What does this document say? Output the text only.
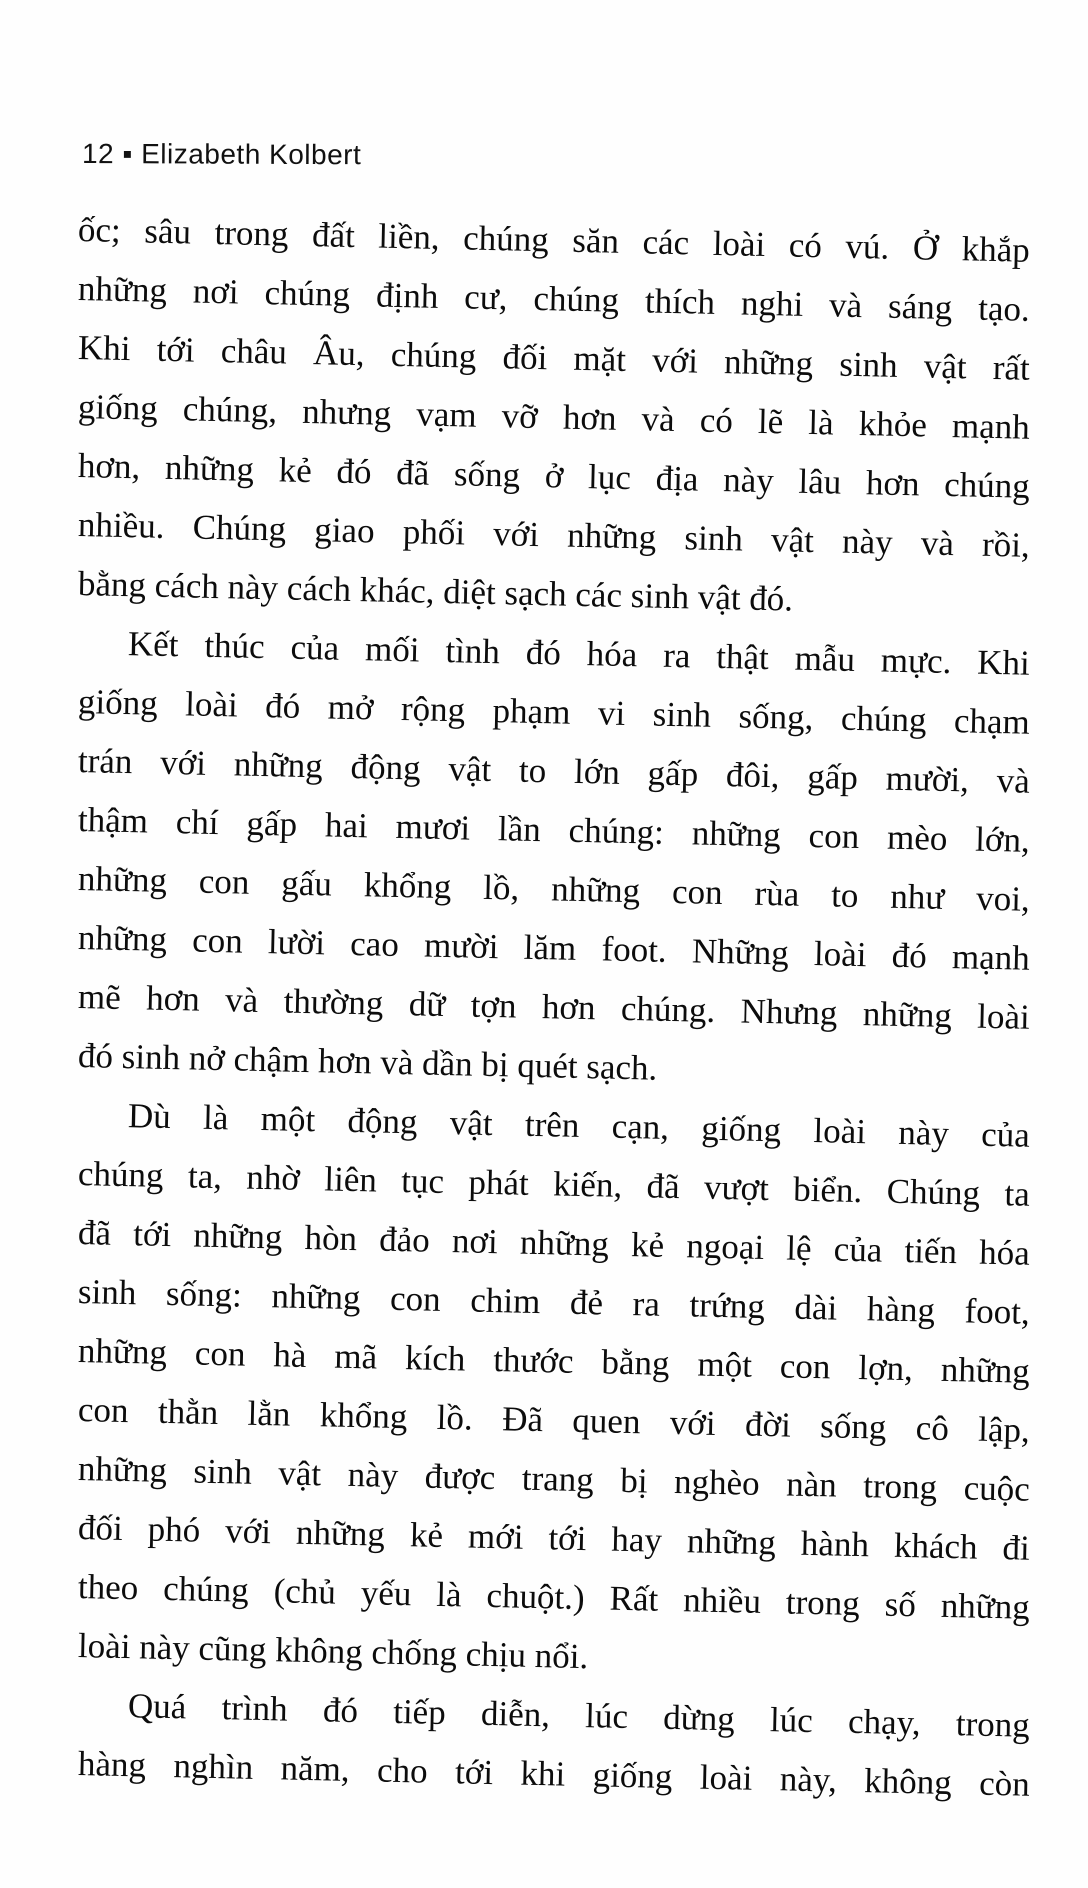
12 ▪ Elizabeth Kolbert
ốc; sâu trong đất liền, chúng săn các loài có vú. Ở khắp
những nơi chúng định cư, chúng thích nghi và sáng tạo.
Khi tới châu Âu, chúng đối mặt với những sinh vật rất
giống chúng, nhưng vạm vỡ hơn và có lẽ là khỏe mạnh
hơn, những kẻ đó đã sống ở lục địa này lâu hơn chúng
nhiều. Chúng giao phối với những sinh vật này và rồi,
bằng cách này cách khác, diệt sạch các sinh vật đó.
Kết thúc của mối tình đó hóa ra thật mẫu mực. Khi
giống loài đó mở rộng phạm vi sinh sống, chúng chạm
trán với những động vật to lớn gấp đôi, gấp mười, và
thậm chí gấp hai mươi lần chúng: những con mèo lớn,
những con gấu khổng lồ, những con rùa to như voi,
những con lười cao mười lăm foot. Những loài đó mạnh
mẽ hơn và thường dữ tợn hơn chúng. Nhưng những loài
đó sinh nở chậm hơn và dần bị quét sạch.
Dù là một động vật trên cạn, giống loài này của
chúng ta, nhờ liên tục phát kiến, đã vượt biển. Chúng ta
đã tới những hòn đảo nơi những kẻ ngoại lệ của tiến hóa
sinh sống: những con chim đẻ ra trứng dài hàng foot,
những con hà mã kích thước bằng một con lợn, những
con thằn lằn khổng lồ. Đã quen với đời sống cô lập,
những sinh vật này được trang bị nghèo nàn trong cuộc
đối phó với những kẻ mới tới hay những hành khách đi
theo chúng (chủ yếu là chuột.) Rất nhiều trong số những
loài này cũng không chống chịu nổi.
Quá trình đó tiếp diễn, lúc dừng lúc chạy, trong
hàng nghìn năm, cho tới khi giống loài này, không còn
